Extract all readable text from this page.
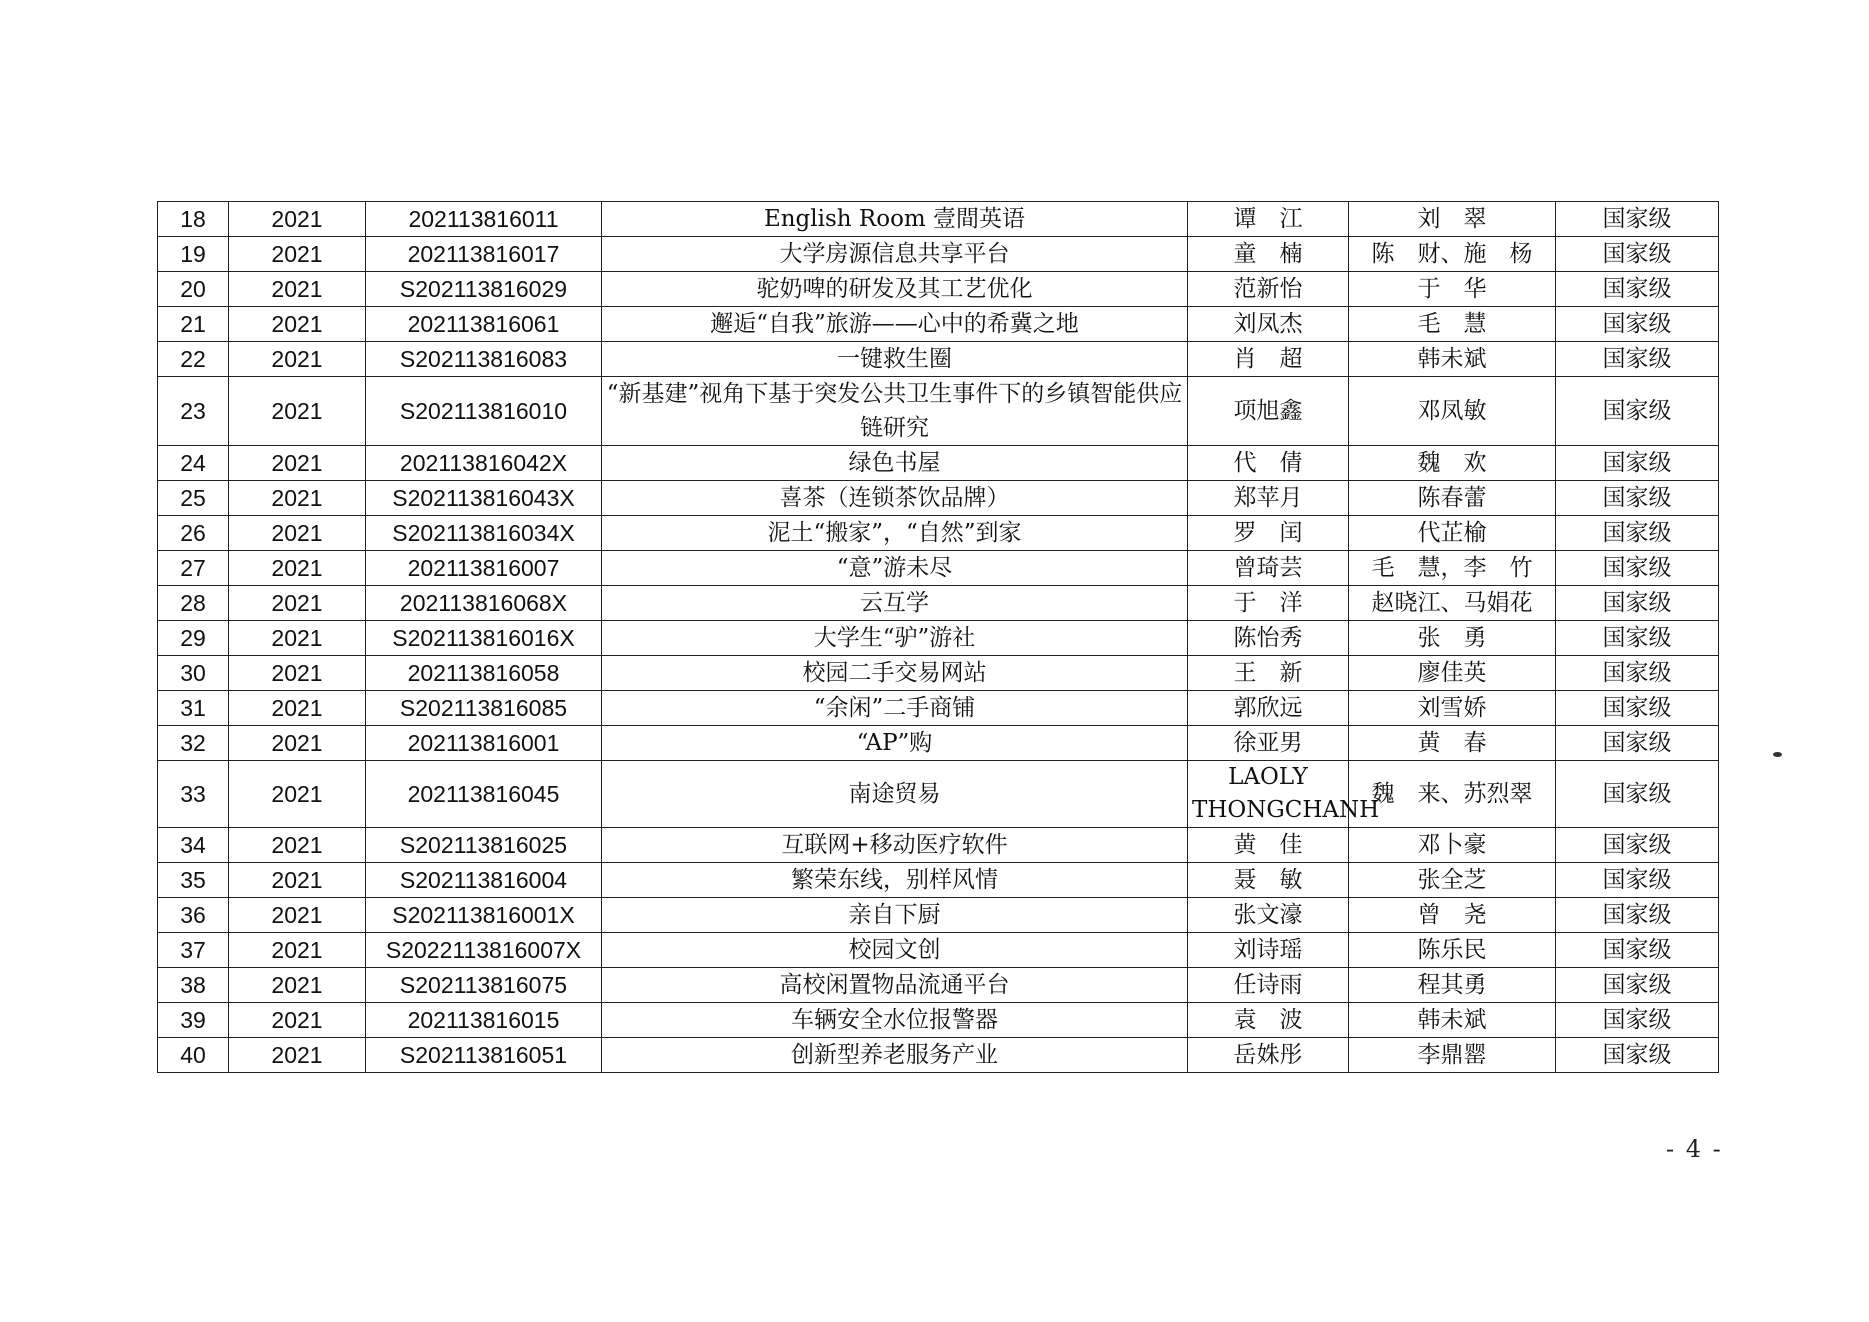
18	2021	202113816011	English Room 壹間英语	谭　江	刘　翠	国家级
19	2021	202113816017	大学房源信息共享平台	童　楠	陈　财、施　杨	国家级
20	2021	S202113816029	驼奶啤的研发及其工艺优化	范新怡	于　华	国家级
21	2021	202113816061	邂逅“自我”旅游——心中的希冀之地	刘凤杰	毛　慧	国家级
22	2021	S202113816083	一键救生圈	肖　超	韩未斌	国家级
23	2021	S202113816010	“新基建”视角下基于突发公共卫生事件下的乡镇智能供应链研究	项旭鑫	邓凤敏	国家级
24	2021	202113816042X	绿色书屋	代　倩	魏　欢	国家级
25	2021	S202113816043X	喜茶（连锁茶饮品牌）	郑苹月	陈春蕾	国家级
26	2021	S202113816034X	泥土“搬家”，“自然”到家	罗　闰	代芷榆	国家级
27	2021	202113816007	“意”游未尽	曾琦芸	毛　慧，李　竹	国家级
28	2021	202113816068X	云互学	于　洋	赵晓江、马娟花	国家级
29	2021	S202113816016X	大学生“驴”游社	陈怡秀	张　勇	国家级
30	2021	202113816058	校园二手交易网站	王　新	廖佳英	国家级
31	2021	S202113816085	“余闲”二手商铺	郭欣远	刘雪娇	国家级
32	2021	202113816001	“AP”购	徐亚男	黄　春	国家级
33	2021	202113816045	南途贸易	LAOLY THONGCHANH	魏　来、苏烈翠	国家级
34	2021	S202113816025	互联网+移动医疗软件	黄　佳	邓卜豪	国家级
35	2021	S202113816004	繁荣东线，别样风情	聂　敏	张全芝	国家级
36	2021	S202113816001X	亲自下厨	张文濠	曾　尧	国家级
37	2021	S2022113816007X	校园文创	刘诗瑶	陈乐民	国家级
38	2021	S202113816075	高校闲置物品流通平台	任诗雨	程其勇	国家级
39	2021	202113816015	车辆安全水位报警器	袁　波	韩未斌	国家级
40	2021	S202113816051	创新型养老服务产业	岳姝彤	李鼎罂	国家级
- 4 -
